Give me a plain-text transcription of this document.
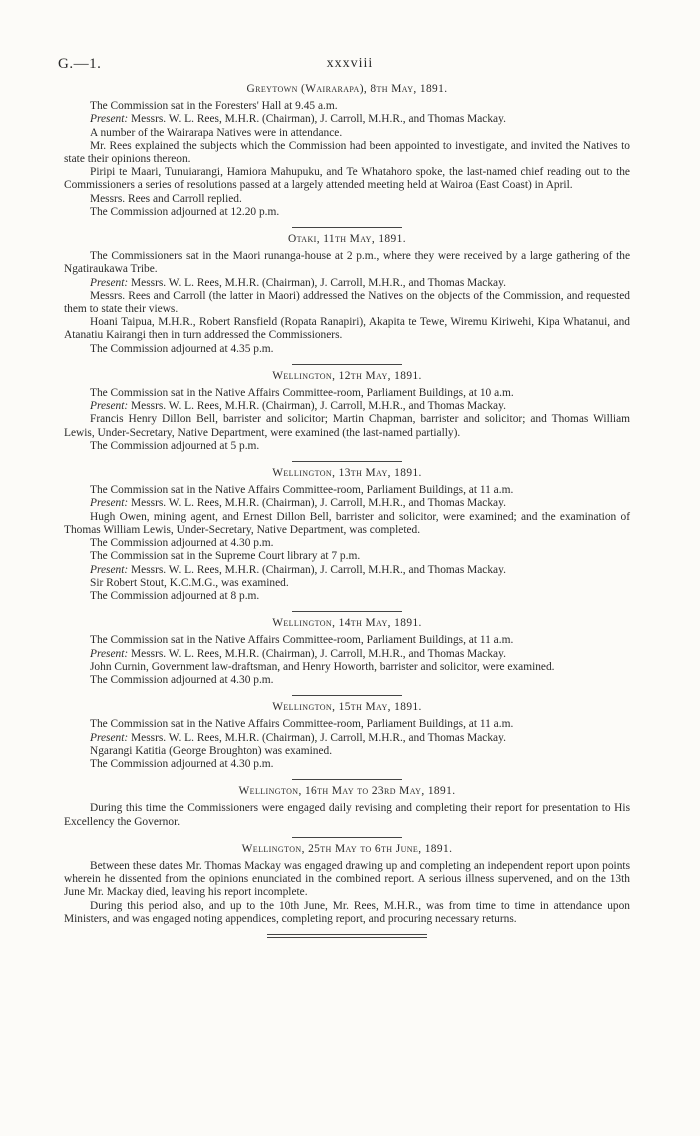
G.—1.	xxxviii
Greytown (Wairarapa), 8th May, 1891.

The Commission sat in the Foresters' Hall at 9.45 a.m.

Present: Messrs. W. L. Rees, M.H.R. (Chairman), J. Carroll, M.H.R., and Thomas Mackay.

A number of the Wairarapa Natives were in attendance.

Mr. Rees explained the subjects which the Commission had been appointed to investigate, and invited the Natives to state their opinions thereon.

Piripi te Maari, Tunuiarangi, Hamiora Mahupuku, and Te Whatahoro spoke, the last-named chief reading out to the Commissioners a series of resolutions passed at a largely attended meeting held at Wairoa (East Coast) in April.

Messrs. Rees and Carroll replied.

The Commission adjourned at 12.20 p.m.

Otaki, 11th May, 1891.

The Commissioners sat in the Maori runanga-house at 2 p.m., where they were received by a large gathering of the Ngatiraukawa Tribe.

Present: Messrs. W. L. Rees, M.H.R. (Chairman), J. Carroll, M.H.R., and Thomas Mackay.

Messrs. Rees and Carroll (the latter in Maori) addressed the Natives on the objects of the Commission, and requested them to state their views.

Hoani Taipua, M.H.R., Robert Ransfield (Ropata Ranapiri), Akapita te Tewe, Wiremu Kiriwehi, Kipa Whatanui, and Atanatiu Kairangi then in turn addressed the Commissioners.

The Commission adjourned at 4.35 p.m.

Wellington, 12th May, 1891.

The Commission sat in the Native Affairs Committee-room, Parliament Buildings, at 10 a.m.

Present: Messrs. W. L. Rees, M.H.R. (Chairman), J. Carroll, M.H.R., and Thomas Mackay.

Francis Henry Dillon Bell, barrister and solicitor; Martin Chapman, barrister and solicitor; and Thomas William Lewis, Under-Secretary, Native Department, were examined (the last-named partially).

The Commission adjourned at 5 p.m.

Wellington, 13th May, 1891.

The Commission sat in the Native Affairs Committee-room, Parliament Buildings, at 11 a.m.

Present: Messrs. W. L. Rees, M.H.R. (Chairman), J. Carroll, M.H.R., and Thomas Mackay.

Hugh Owen, mining agent, and Ernest Dillon Bell, barrister and solicitor, were examined; and the examination of Thomas William Lewis, Under-Secretary, Native Department, was completed.

The Commission adjourned at 4.30 p.m.

The Commission sat in the Supreme Court library at 7 p.m.

Present: Messrs. W. L. Rees, M.H.R. (Chairman), J. Carroll, M.H.R., and Thomas Mackay.

Sir Robert Stout, K.C.M.G., was examined.

The Commission adjourned at 8 p.m.

Wellington, 14th May, 1891.

The Commission sat in the Native Affairs Committee-room, Parliament Buildings, at 11 a.m.

Present: Messrs. W. L. Rees, M.H.R. (Chairman), J. Carroll, M.H.R., and Thomas Mackay.

John Curnin, Government law-draftsman, and Henry Howorth, barrister and solicitor, were examined.

The Commission adjourned at 4.30 p.m.

Wellington, 15th May, 1891.

The Commission sat in the Native Affairs Committee-room, Parliament Buildings, at 11 a.m.

Present: Messrs. W. L. Rees, M.H.R. (Chairman), J. Carroll, M.H.R., and Thomas Mackay.

Ngarangi Katitia (George Broughton) was examined.

The Commission adjourned at 4.30 p.m.

Wellington, 16th May to 23rd May, 1891.

During this time the Commissioners were engaged daily revising and completing their report for presentation to His Excellency the Governor.

Wellington, 25th May to 6th June, 1891.

Between these dates Mr. Thomas Mackay was engaged drawing up and completing an independent report upon points wherein he dissented from the opinions enunciated in the combined report. A serious illness supervened, and on the 13th June Mr. Mackay died, leaving his report incomplete.

During this period also, and up to the 10th June, Mr. Rees, M.H.R., was from time to time in attendance upon Ministers, and was engaged noting appendices, completing report, and procuring necessary returns.
